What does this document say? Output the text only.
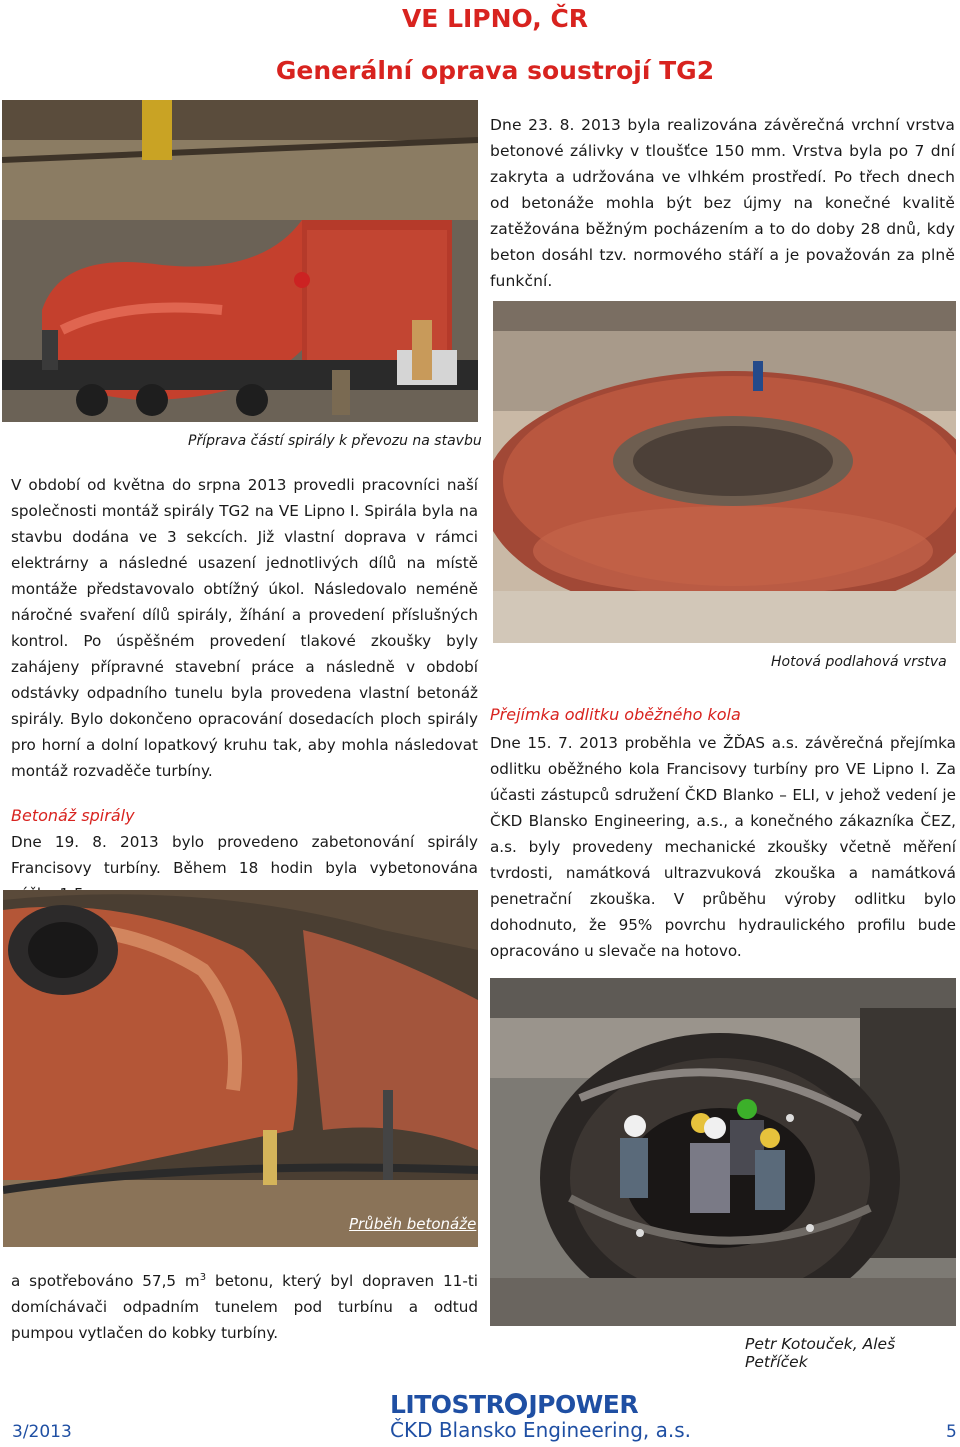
VE LIPNO, ČR
Generální oprava soustrojí TG2
Dne 23. 8. 2013 byla realizována závěrečná vrchní vrstva betonové zálivky v tloušťce 150 mm. Vrstva byla po 7 dní zakryta a udržována ve vlhkém prostředí. Po třech dnech od betonáže mohla být bez újmy na konečné kvalitě zatěžována běžným pocházením a to do doby 28 dnů, kdy beton dosáhl tzv. normového stáří a je považován za plně funkční.
Příprava částí spirály k převozu na stavbu
V období od května do srpna 2013 provedli pracovníci naší společnosti montáž spirály TG2 na VE Lipno I. Spirála byla na stavbu dodána ve 3 sekcích. Již vlastní doprava v rámci elektrárny a následné usazení jednotlivých dílů na místě montáže představovalo obtížný úkol. Následovalo neméně náročné svaření dílů spirály, žíhání a provedení příslušných kontrol. Po úspěšném provedení tlakové zkoušky byly zahájeny přípravné stavební práce a následně v období odstávky odpadního tunelu byla provedena vlastní betonáž spirály. Bylo dokončeno opracování dosedacích ploch spirály pro horní a dolní lopatkový kruhu tak, aby mohla následovat montáž rozvaděče turbíny.
Hotová podlahová vrstva
Přejímka odlitku oběžného kola
Dne 15. 7. 2013 proběhla ve ŽĎAS a.s. závěrečná přejímka odlitku oběžného kola Francisovy turbíny pro VE Lipno I. Za účasti zástupců sdružení ČKD Blanko – ELI, v jehož vedení je ČKD Blansko Engineering, a.s., a konečného zákazníka ČEZ, a.s. byly provedeny mechanické zkoušky včetně měření tvrdosti, namátková ultrazvuková zkouška a namátková penetrační zkouška. V průběhu výroby odlitku bylo dohodnuto, že 95% povrchu hydraulického profilu bude opracováno u slevače na hotovo.
Betonáž spirály
Dne 19. 8. 2013 bylo provedeno zabetonování spirály Francisovy turbíny. Během 18 hodin byla vybetonována
Průběh betonáže
a spotřebováno 57,5 $m^3$ betonu, který byl dopraven 11-ti domíchávači odpadním tunelem pod turbínu a odtud pumpou vytlačen do kobky turbíny.
Petr Kotouček, Aleš Petříček
3/2013
LITOSTR JPOWER
ČKD Blansko Engineering, a.s.	5
